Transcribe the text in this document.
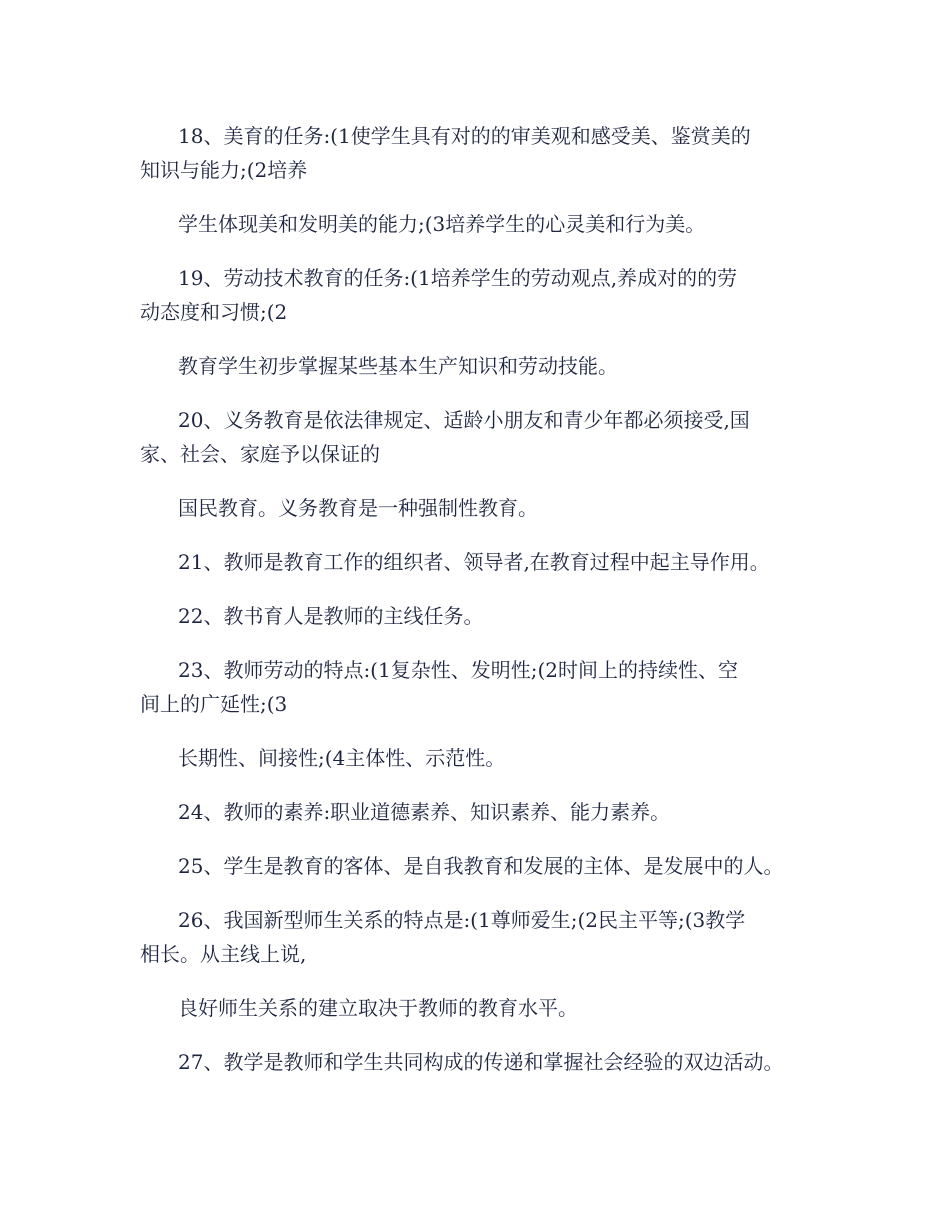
18、美育的任务:(1使学生具有对的的审美观和感受美、鉴赏美的
知识与能力;(2培养
学生体现美和发明美的能力;(3培养学生的心灵美和行为美。
19、劳动技术教育的任务:(1培养学生的劳动观点,养成对的的劳
动态度和习惯;(2
教育学生初步掌握某些基本生产知识和劳动技能。
20、义务教育是依法律规定、适龄小朋友和青少年都必须接受,国
家、社会、家庭予以保证的
国民教育。义务教育是一种强制性教育。
21、教师是教育工作的组织者、领导者,在教育过程中起主导作用。
22、教书育人是教师的主线任务。
23、教师劳动的特点:(1复杂性、发明性;(2时间上的持续性、空
间上的广延性;(3
长期性、间接性;(4主体性、示范性。
24、教师的素养:职业道德素养、知识素养、能力素养。
25、学生是教育的客体、是自我教育和发展的主体、是发展中的人。
26、我国新型师生关系的特点是:(1尊师爱生;(2民主平等;(3教学
相长。从主线上说,
良好师生关系的建立取决于教师的教育水平。
27、教学是教师和学生共同构成的传递和掌握社会经验的双边活动。
